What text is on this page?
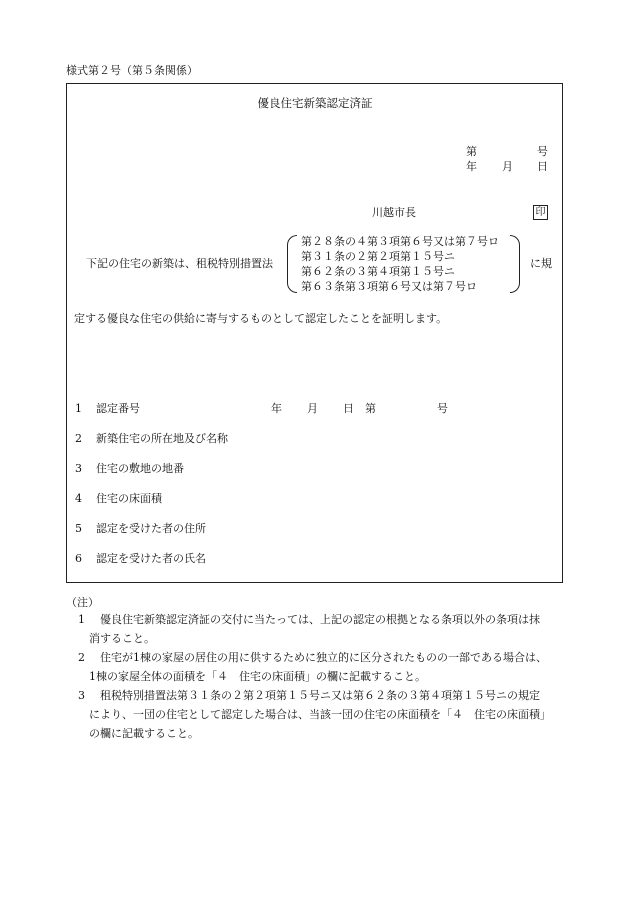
様式第２号（第５条関係）
優良住宅新築認定済証
第	号
年 月 日
川越市長	印
下記の住宅の新築は、租税特別措置法
第２８条の４第３項第６号又は第７号ロ
第３１条の２第２項第１５号ニ
第６２条の３第４項第１５号ニ
第６３条第３項第６号又は第７号ロ
に規
定する優良な住宅の供給に寄与するものとして認定したことを証明します。
1 認定番号	年 月 日 第	号
2 新築住宅の所在地及び名称
3 住宅の敷地の地番
4 住宅の床面積
5 認定を受けた者の住所
6 認定を受けた者の氏名
（注）
1 優良住宅新築認定済証の交付に当たっては、上記の認定の根拠となる条項以外の条項は抹
消すること。
2 住宅が1棟の家屋の居住の用に供するために独立的に区分されたものの一部である場合は、
1棟の家屋全体の面積を「４　住宅の床面積」の欄に記載すること。
3 租税特別措置法第３１条の２第２項第１５号ニ又は第６２条の３第４項第１５号ニの規定
により、一団の住宅として認定した場合は、当該一団の住宅の床面積を「４　住宅の床面積」
の欄に記載すること。
